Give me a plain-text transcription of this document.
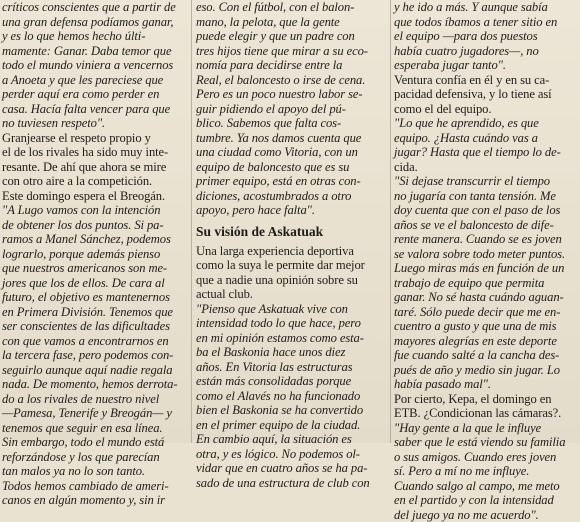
críticos conscientes que a partir de
una gran defensa podíamos ganar,
y es lo que hemos hecho últi-
mamente: Ganar. Daba temor que
todo el mundo viniera a vencernos
a Anoeta y que les pareciese que
perder aquí era como perder en
casa. Hacía falta vencer para que
no tuviesen respeto".
Granjearse el respeto propio y
el de los rivales ha sido muy inte-
resante. De ahí que ahora se mire
con otro aire a la competición.
Este domingo espera el Breogán.
"A Lugo vamos con la intención
de obtener los dos puntos. Si pa-
ramos a Manel Sánchez, podemos
lograrlo, porque además pienso
que nuestros americanos son me-
jores que los de ellos. De cara al
futuro, el objetivo es mantenernos
en Primera División. Tenemos que
ser conscientes de las dificultades
con que vamos a encontrarnos en
la tercera fase, pero podemos con-
seguirlo aunque aquí nadie regala
nada. De momento, hemos derrota-
do a los rivales de nuestro nivel
—Pamesa, Tenerife y Breogán— y
tenemos que seguir en esa línea.
Sin embargo, todo el mundo está
reforzándose y los que parecían
tan malos ya no lo son tanto.
Todos hemos cambiado de ameri-
canos en algún momento y, sin ir
eso. Con el fútbol, con el balon-
mano, la pelota, que la gente
puede elegir y que un padre con
tres hijos tiene que mirar a su eco-
nomía para decidirse entre la
Real, el baloncesto o irse de cena.
Pero es un poco nuestro labor se-
guir pidiendo el apoyo del pú-
blico. Sabemos que falta cos-
tumbre. Ya nos damos cuenta que
una ciudad como Vitoria, con un
equipo de baloncesto que es su
primer equipo, está en otras con-
diciones, acostumbrados a otro
apoyo, pero hace falta".
Su visión de Askatuak
Una larga experiencia deportiva
como la suya le permite dar mejor
que a nadie una opinión sobre su
actual club.
"Pienso que Askatuak vive con
intensidad todo lo que hace, pero
en mi opinión estamos como esta-
ba el Baskonia hace unos diez
años. En Vitoria las estructuras
están más consolidadas porque
como el Alavés no ha funcionado
bien el Baskonia se ha convertido
en el primer equipo de la ciudad.
En cambio aquí, la situación es
otra, y es lógico. No podemos ol-
vidar que en cuatro años se ha pa-
sado de una estructura de club con
y he ido a más. Y aunque sabía
que todos íbamos a tener sitio en
el equipo —para dos puestos
había cuatro jugadores—, no
esperaba jugar tanto".
Ventura confía en él y en su ca-
pacidad defensiva, y lo tiene así
como el del equipo.
"Lo que he aprendido, es que
equipo. ¿Hasta cuándo vas a
jugar? Hasta que el tiempo lo de-
cida.
"Si dejase transcurrir el tiempo
no jugaría con tanta tensión. Me
doy cuenta que con el paso de los
años se ve el baloncesto de dife-
rente manera. Cuando se es joven
se valora sobre todo meter puntos.
Luego miras más en función de un
trabajo de equipo que permita
ganar. No sé hasta cuándo aguan-
taré. Sólo puede decir que me en-
cuentro a gusto y que una de mis
mayores alegrías en este deporte
fue cuando salté a la cancha des-
pués de año y medio sin jugar. Lo
había pasado mal".
Por cierto, Kepa, el domingo en
ETB. ¿Condicionan las cámaras?.
"Hay gente a la que le influye
saber que le está viendo su familia
o sus amigos. Cuando eres joven
sí. Pero a mí no me influye.
Cuando salgo al campo, me meto
en el partido y con la intensidad
del juego ya no me acuerdo".
